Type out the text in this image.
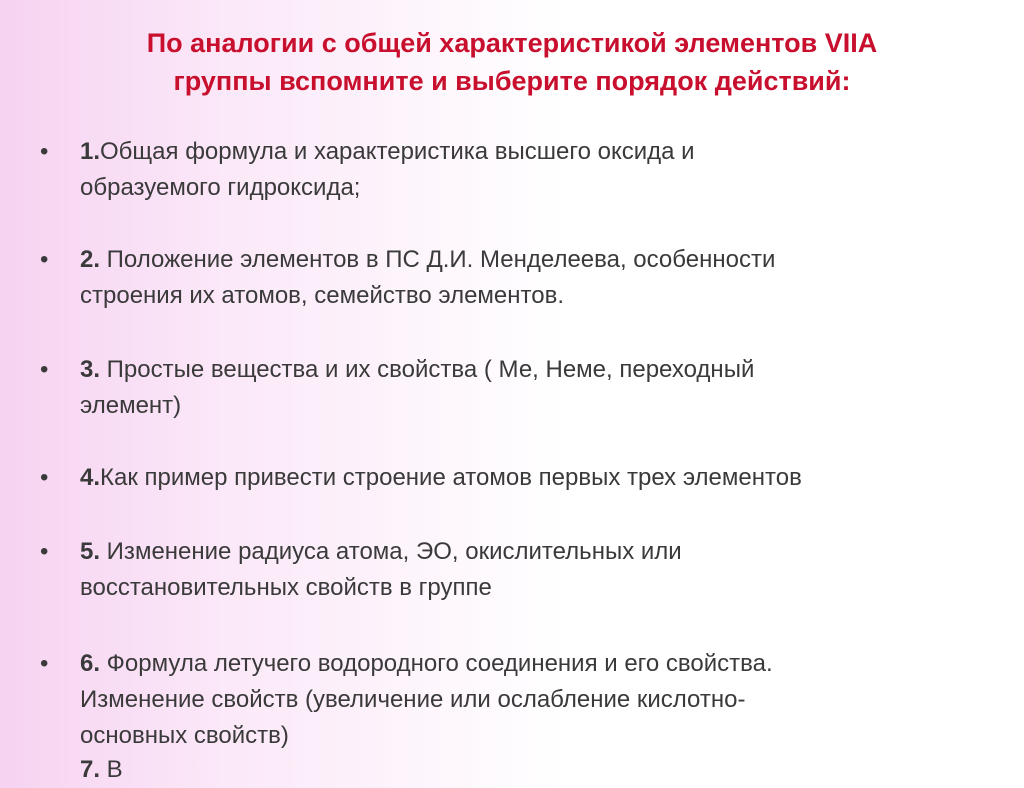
По аналогии с общей характеристикой элементов VIIA
группы вспомните и выберите порядок действий:
•	1.Общая формула и характеристика высшего оксида и
образуемого гидроксида;
•	2. Положение элементов в ПС Д.И. Менделеева, особенности
строения их атомов, семейство элементов.
•	3. Простые вещества и их свойства ( Ме, Неме, переходный
элемент)
•	4.Как пример привести строение атомов первых трех элементов
•	5. Изменение радиуса атома, ЭО, окислительных или
восстановительных свойств в группе
•	6. Формула летучего водородного соединения и его свойства.
Изменение свойств (увеличение или ослабление кислотно-
основных свойств)
7. В
